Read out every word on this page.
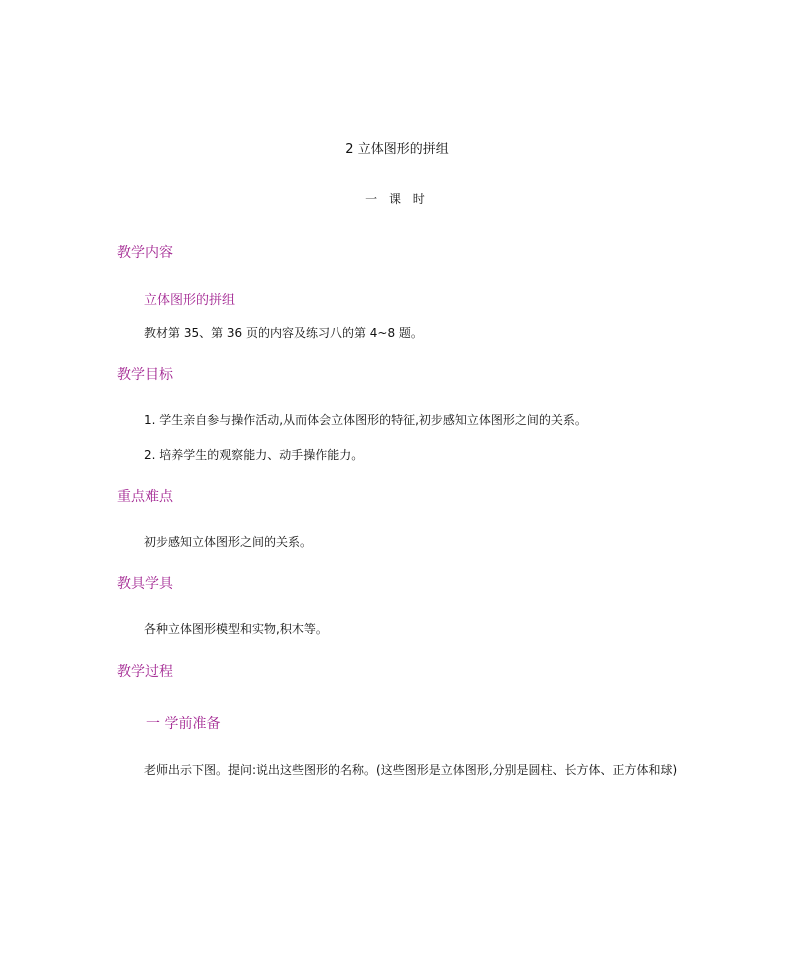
2 立体图形的拼组
一 课 时
教学内容
立体图形的拼组
教材第 35、第 36 页的内容及练习八的第 4~8 题。
教学目标
1. 学生亲自参与操作活动,从而体会立体图形的特征,初步感知立体图形之间的关系。
2. 培养学生的观察能力、动手操作能力。
重点难点
初步感知立体图形之间的关系。
教具学具
各种立体图形模型和实物,积木等。
教学过程
一 学前准备
老师出示下图。提问:说出这些图形的名称。(这些图形是立体图形,分别是圆柱、长方体、正方体和球)
